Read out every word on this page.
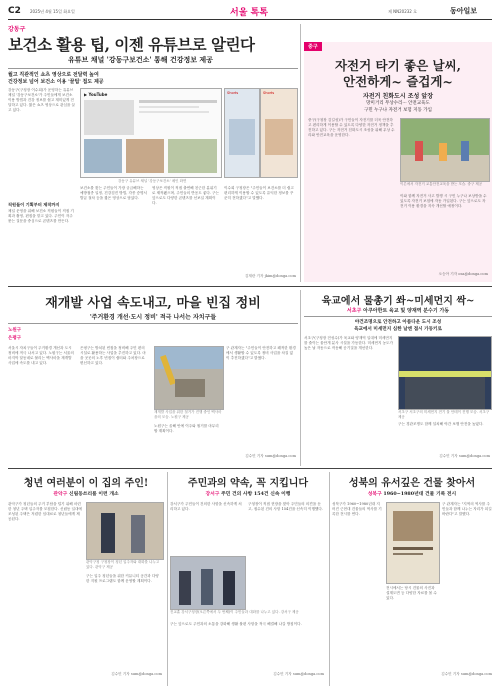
C2 2025년 4월 15일 화요일	서울 톡톡	제 NN20232 호	동아일보
강동구
보건소 활용 팁, 이젠 유튜브로 알린다
유튜브 채널 '강동구보건소' 통해 건강정보 제공
월고 직관적인 쇼츠 영상으로 전달력 높여
건강정보 넘어 보건소 이용 '꿀팁' 접도 제공
강동구(구청장 이수희)가 운영하는 유튜브 채널 '강동구보건소'가 주민들에게 보건소 이용 방법과 건강 정보를 쉽고 재미있게 전달하고 있다. 짧은 쇼츠 영상으로 관심을 끌고 있다.
직원들이 기획부터 제작까지
채널 운영을 위해 보건소 직원들이 직접 기획과 촬영, 편집을 맡고 있다. 주민이 자주 묻는 질문을 중심으로 콘텐츠를 만든다.
▶ YouTube	Shorts	Shorts
강동구 유튜브 채널 '강동구보건소' 메인 화면
보건소를 찾는 주민들이 가장 궁금해하는 예방접종 일정, 건강검진 방법, 각종 증명서 발급 절차 등을 짧은 영상으로 담았다.
영상은 직원이 직접 출연해 친근한 분위기로 제작됐으며, 주민들의 반응도 좋다. 구는 앞으로도 다양한 콘텐츠를 선보일 계획이다.
이수희 구청장은 "주민들이 보건소를 더 쉽고 편리하게 이용할 수 있도록 유익한 정보를 꾸준히 전하겠다"고 말했다.
김재란 기자 jkim@donga.com
중구
자전거 타기 좋은 날씨,
안전하게~ 즐겁게~
자전거 친화도시 조성 앞장
망미거리 무상수리··· 안전교육도
구민 누구나 자전거 보험 지동 가입
중구(구청장 김길성)가 구민들이 자전거를 더욱 안전하고 편리하게 이용할 수 있도록 다양한 자전거 정책을 추진하고 있다. 구는 자전거 친화도시 조성을 위해 무상 수리와 안전교육을 운영한다.
이른에서 자전거 교통안전교육을 받는 모습. 중구 제공
이와 함께 자전거 사고 발생 시 구민 누구나 보상받을 수 있도록 자전거 보험에 자동 가입된다. 구는 앞으로도 자전거 이용 환경을 지속 개선할 예정이다.
오승아 기자 osa@donga.com
재개발 사업 속도내고, 마을 빈집 정비
'주거환경 개선·도시 정비' 적극 나서는 자치구들
노원구
은평구
서울시 자치구들이 주거환경 개선과 도시 정비에 적극 나서고 있다. 노원구는 서울의 마지막 달동네로 불리는 백사마을 재개발 사업에 속도를 내고 있다.
은평구는 방치된 빈집을 정비해 주민 편의시설로 활용하는 사업을 추진하고 있다. 마을 곳곳의 노후 빈집이 쉼터와 주차장으로 변신하고 있다.
재개발 사업을 위한 철거가 진행 중인 백사마을의 모습. 노원구 제공
노원구는 올해 안에 이주와 철거를 마무리할 계획이다.
구 관계자는 "주민들이 안전하고 쾌적한 환경에서 생활할 수 있도록 정비 사업을 차질 없이 추진하겠다"고 밝혔다.
김수민 기자 sum@donga.com
육교에서 물총기 쏴~미세먼지 싹~
서초구 아쿠아한트 육교 및 양재역 분수기 가동
야건조명으로 안전하고 아름다운 도시 조성
육교에서 미세먼지 심한 날엔 접시 가동키로
서초구(구청장 전성수)가 육교와 양재역 일대에 미세먼지를 줄이는 물안개 분사 시설을 가동한다. 미세먼지 농도가 높은 날 자동으로 작동해 공기질을 개선한다.
서초구 서초구의 미세먼지 전기 물 안테이 진행 모습. 서초구 제공
구는 경관조명도 함께 설치해 야간 보행 안전을 높였다.
김수민 기자 sum@donga.com
청년 여러분이 이 집의 주인!
관악구 신림동쓰리룸 이런 개소
관악구가 청년들의 주거 부담을 덜기 위해 마련한 청년 주택 입주자를 모집한다. 신림동 일대에 조성된 주택은 저렴한 임대료로 청년들에게 제공된다.
관악구청 구청장이 청년 입주자와 대화를 나누고 있다. 관악구 제공
구는 입주 청년들을 위한 커뮤니티 공간과 다양한 지원 프로그램도 함께 운영할 계획이다.
김수민 기자 sum@donga.com
주민과의 약속, 꼭 지킵니다
강서구 주민 건의 사항 154건 신속 이행
강서구가 주민들이 건의한 사항을 신속하게 처리하고 있다.
진교훈 강서구청장(오른쪽에서 두 번째)이 주민들과 대화를 나누고 있다. 강서구 제공
구청장이 직접 현장을 찾아 주민들의 의견을 듣고, 접수된 건의 사항 154건을 신속히 이행했다.
구는 앞으로도 주민과의 소통을 강화해 생활 불편 사항을 적극 해결해 나갈 방침이다.
김수민 기자 sum@donga.com
성북의 유서깊은 건물 찾아서
성북구 1960~1980년대 건물 기록 전시
성북구가 1960~1980년대 지어진 근현대 건물들의 역사를 기록한 전시를 연다.
전시에서는 당시 건물의 사진과 설계도면 등 다양한 자료를 볼 수 있다.
구 관계자는 "지역의 역사를 주민들과 함께 나누는 자리가 되길 바란다"고 말했다.
김수민 기자 sum@donga.com
